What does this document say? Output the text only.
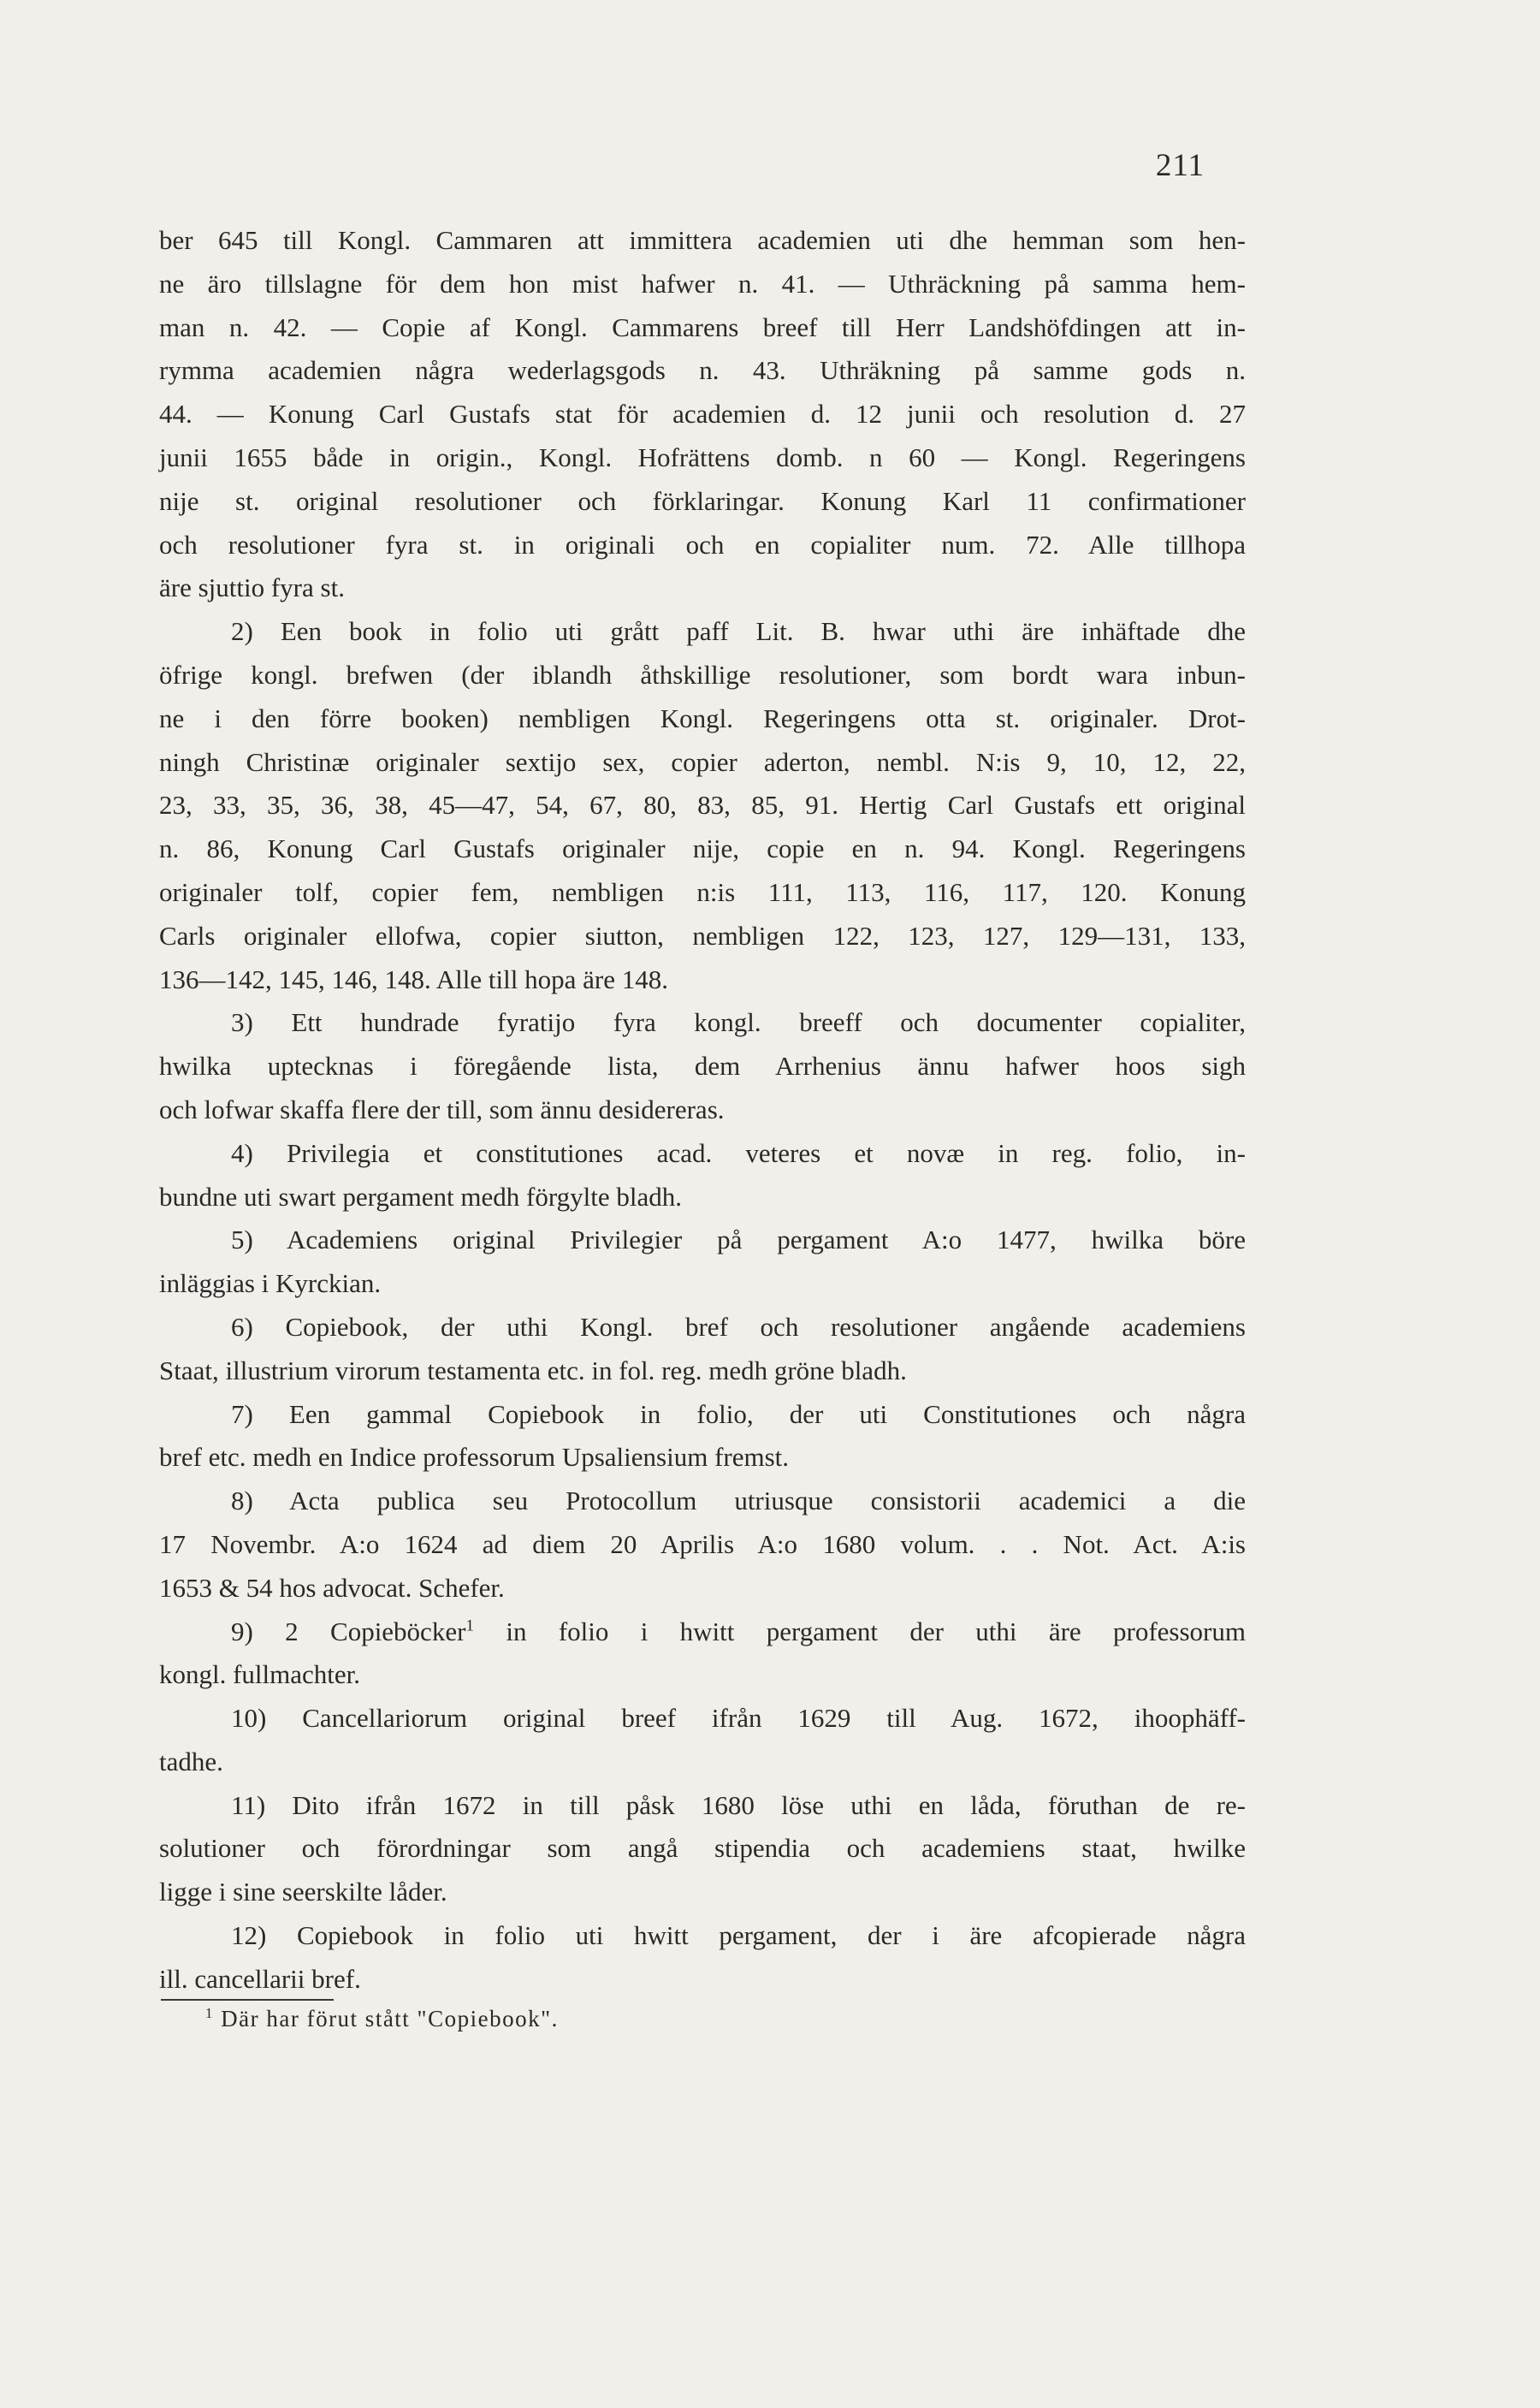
211
ber 645 till Kongl. Cammaren att immittera academien uti dhe hemman som hen-
ne äro tillslagne för dem hon mist hafwer n. 41. — Uthräckning på samma hem-
man n. 42. — Copie af Kongl. Cammarens breef till Herr Landshöfdingen att in-
rymma academien några wederlagsgods n. 43. Uthräkning på samme gods n.
44. — Konung Carl Gustafs stat för academien d. 12 junii och resolution d. 27
junii 1655 både in origin., Kongl. Hofrättens domb. n 60 — Kongl. Regeringens
nije st. original resolutioner och förklaringar. Konung Karl 11 confirmationer
och resolutioner fyra st. in originali och en copialiter num. 72. Alle tillhopa
äre sjuttio fyra st.
2) Een book in folio uti grått paff Lit. B. hwar uthi äre inhäftade dhe
öfrige kongl. brefwen (der iblandh åthskillige resolutioner, som bordt wara inbun-
ne i den förre booken) nembligen Kongl. Regeringens otta st. originaler. Drot-
ningh Christinæ originaler sextijo sex, copier aderton, nembl. N:is 9, 10, 12, 22,
23, 33, 35, 36, 38, 45—47, 54, 67, 80, 83, 85, 91. Hertig Carl Gustafs ett original
n. 86, Konung Carl Gustafs originaler nije, copie en n. 94. Kongl. Regeringens
originaler tolf, copier fem, nembligen n:is 111, 113, 116, 117, 120. Konung
Carls originaler ellofwa, copier siutton, nembligen 122, 123, 127, 129—131, 133,
136—142, 145, 146, 148. Alle till hopa äre 148.
3) Ett hundrade fyratijo fyra kongl. breeff och documenter copialiter,
hwilka uptecknas i föregående lista, dem Arrhenius ännu hafwer hoos sigh
och lofwar skaffa flere der till, som ännu desidereras.
4) Privilegia et constitutiones acad. veteres et novæ in reg. folio, in-
bundne uti swart pergament medh förgylte bladh.
5) Academiens original Privilegier på pergament A:o 1477, hwilka böre
inläggias i Kyrckian.
6) Copiebook, der uthi Kongl. bref och resolutioner angående academiens
Staat, illustrium virorum testamenta etc. in fol. reg. medh gröne bladh.
7) Een gammal Copiebook in folio, der uti Constitutiones och några
bref etc. medh en Indice professorum Upsaliensium fremst.
8) Acta publica seu Protocollum utriusque consistorii academici a die
17 Novembr. A:o 1624 ad diem 20 Aprilis A:o 1680 volum. . . Not. Act. A:is
1653 & 54 hos advocat. Schefer.
9) 2 Copieböcker$^1$ in folio i hwitt pergament der uthi äre professorum
kongl. fullmachter.
10) Cancellariorum original breef ifrån 1629 till Aug. 1672, ihoophäff-
tadhe.
11) Dito ifrån 1672 in till påsk 1680 löse uthi en låda, föruthan de re-
solutioner och förordningar som angå stipendia och academiens staat, hwilke
ligge i sine seerskilte låder.
12) Copiebook in folio uti hwitt pergament, der i äre afcopierade några
ill. cancellarii bref.
$^1$ Där har förut stått "Copiebook".
